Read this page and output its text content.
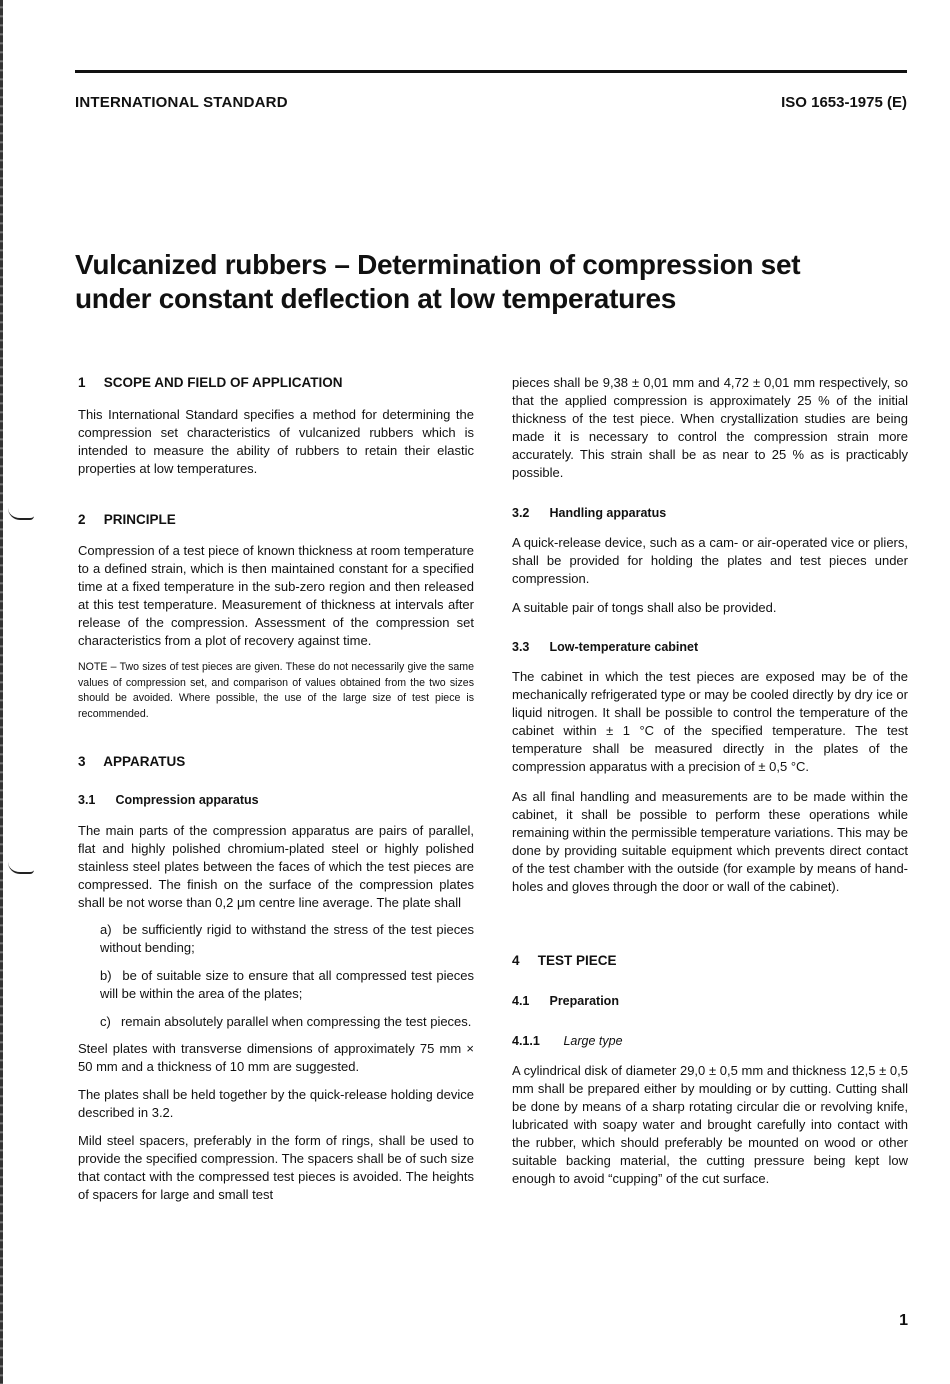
INTERNATIONAL STANDARD	ISO 1653-1975 (E)
Vulcanized rubbers – Determination of compression set
under constant deflection at low temperatures
1 SCOPE AND FIELD OF APPLICATION

This International Standard specifies a method for determining the compression set characteristics of vulcanized rubbers which is intended to measure the ability of rubbers to retain their elastic properties at low temperatures.

2 PRINCIPLE

Compression of a test piece of known thickness at room temperature to a defined strain, which is then maintained constant for a specified time at a fixed temperature in the sub-zero region and then released at this test temperature. Measurement of thickness at intervals after release of the compression. Assessment of the compression set characteristics from a plot of recovery against time.

NOTE – Two sizes of test pieces are given. These do not necessarily give the same values of compression set, and comparison of values obtained from the two sizes should be avoided. Where possible, the use of the large size of test piece is recommended.

3 APPARATUS
3.1 Compression apparatus

The main parts of the compression apparatus are pairs of parallel, flat and highly polished chromium-plated steel or highly polished stainless steel plates between the faces of which the test pieces are compressed. The finish on the surface of the compression plates shall be not worse than 0,2 μm centre line average. The plate shall

a)  be sufficiently rigid to withstand the stress of the test pieces without bending;

b)  be of suitable size to ensure that all compressed test pieces will be within the area of the plates;

c)  remain absolutely parallel when compressing the test pieces.

Steel plates with transverse dimensions of approximately 75 mm × 50 mm and a thickness of 10 mm are suggested.

The plates shall be held together by the quick-release holding device described in 3.2.

Mild steel spacers, preferably in the form of rings, shall be used to provide the specified compression. The spacers shall be of such size that contact with the compressed test pieces is avoided. The heights of spacers for large and small test

pieces shall be 9,38 ± 0,01 mm and 4,72 ± 0,01 mm respectively, so that the applied compression is approximately 25 % of the initial thickness of the test piece. When crystallization studies are being made it is necessary to control the compression strain more accurately. This strain shall be as near to 25 % as is practicably possible.

3.2 Handling apparatus

A quick-release device, such as a cam- or air-operated vice or pliers, shall be provided for holding the plates and test pieces under compression.

A suitable pair of tongs shall also be provided.

3.3 Low-temperature cabinet

The cabinet in which the test pieces are exposed may be of the mechanically refrigerated type or may be cooled directly by dry ice or liquid nitrogen. It shall be possible to control the temperature of the cabinet within ± 1 °C of the specified temperature. The test temperature shall be measured directly in the plates of the compression apparatus with a precision of ± 0,5 °C.

As all final handling and measurements are to be made within the cabinet, it shall be possible to perform these operations while remaining within the permissible temperature variations. This may be done by providing suitable equipment which prevents direct contact of the test chamber with the outside (for example by means of hand-holes and gloves through the door or wall of the cabinet).

4 TEST PIECE
4.1 Preparation
4.1.1 Large type

A cylindrical disk of diameter 29,0 ± 0,5 mm and thickness 12,5 ± 0,5 mm shall be prepared either by moulding or by cutting. Cutting shall be done by means of a sharp rotating circular die or revolving knife, lubricated with soapy water and brought carefully into contact with the rubber, which should preferably be mounted on wood or other suitable backing material, the cutting pressure being kept low enough to avoid “cupping” of the cut surface.

1
